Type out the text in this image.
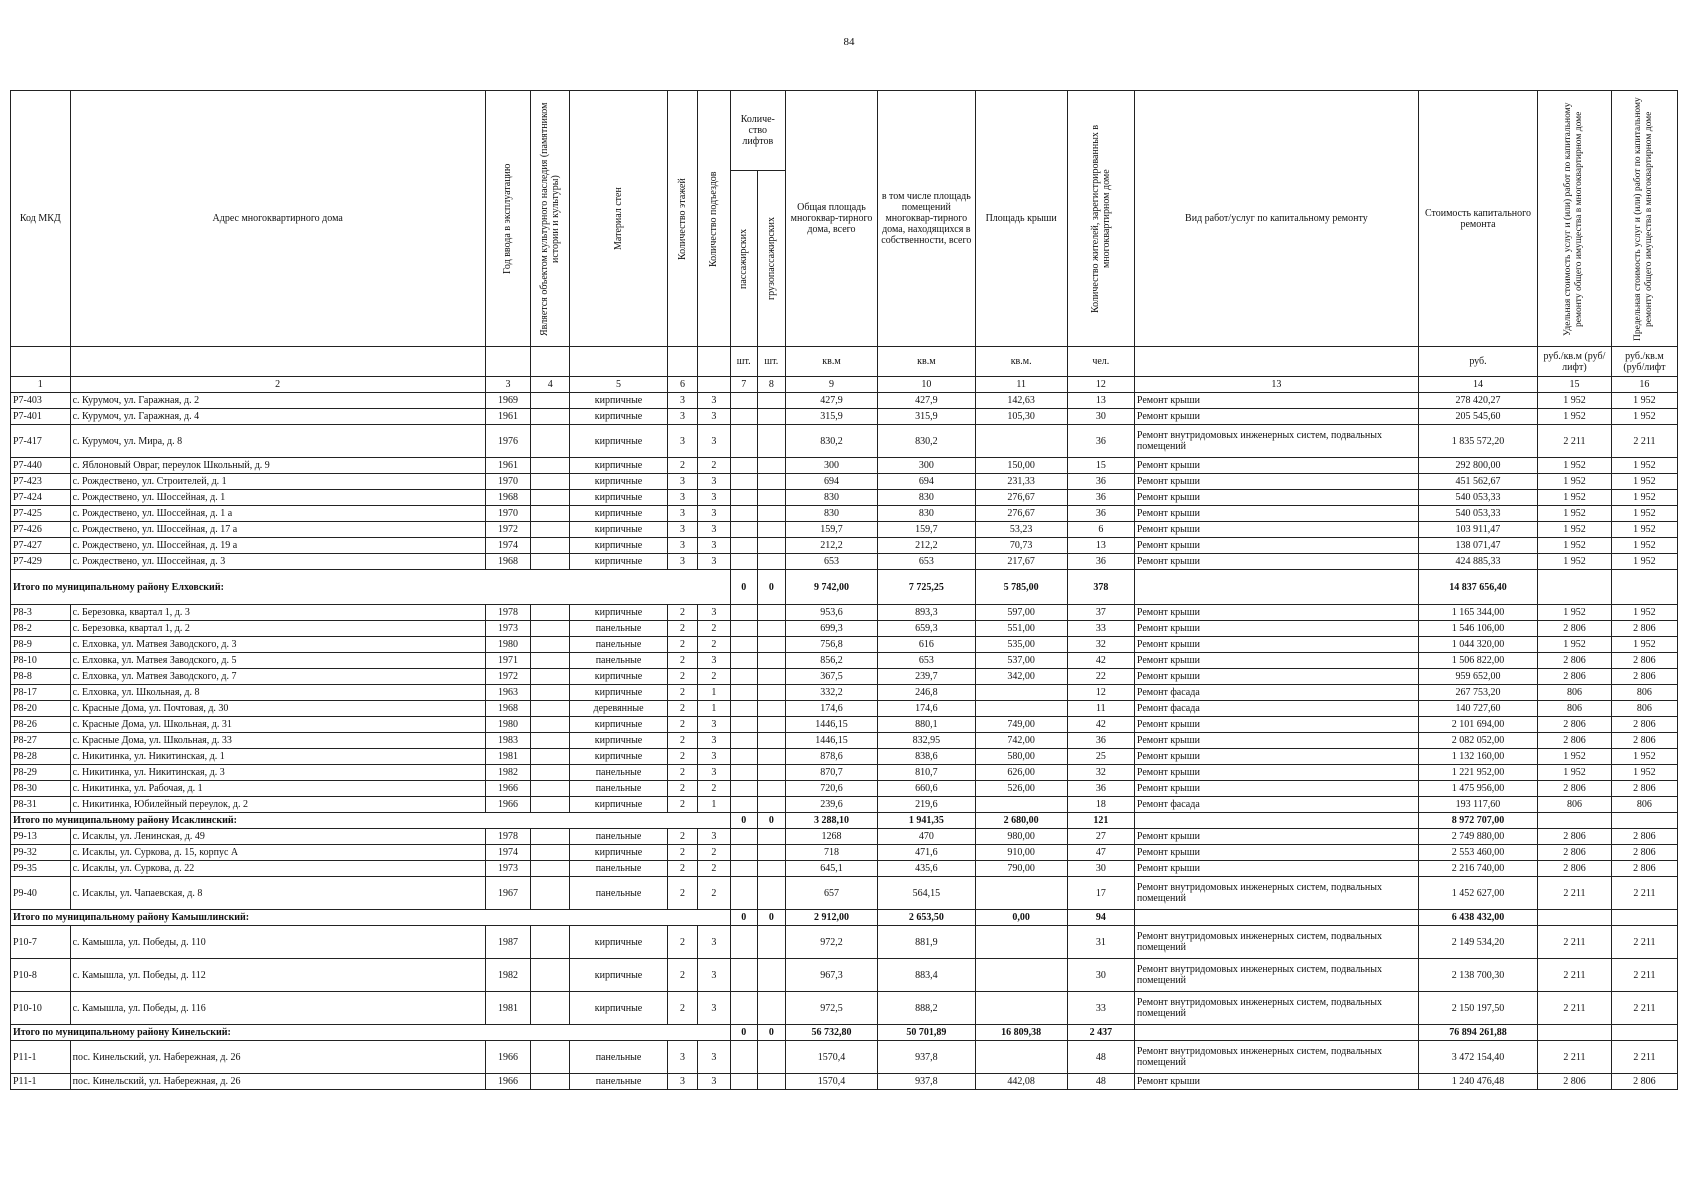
84
Код МКД	Адрес многоквартирного дома	Год ввода в эксплуатацию	Является объектом культурного наследия (памятником истории и культуры)	Материал стен	Количество этажей	Количество подъездов	Количе-ство лифтов		Общая площадь многоквар-тирного дома, всего	в том числе площадь помещений многоквар-тирного дома, находящихся в собственности, всего	Площадь крыши	Количество жителей, зарегистрированных в многоквартирном доме	Вид работ/услуг по капитальному ремонту	Стоимость капитального ремонта	Удельная стоимость услуг и (или) работ по капитальному ремонту общего имущества в многоквартирном доме	Предельная стоимость услуг и (или) работ по капитальному ремонту общего имущества в многоквартирном доме

							пассажирских	грузопассажирских								

							шт.	шт.	кв.м	кв.м	кв.м.	чел.		руб.	руб./кв.м (руб/лифт)	руб./кв.м (руб/лифт
1	2	3	4	5	6		7	8	9	10	11	12	13	14	15	16
Р7-403	с. Курумоч, ул. Гаражная, д. 2	1969		кирпичные	3	3			427,9	427,9	142,63	13	Ремонт крыши	278 420,27	1 952	1 952
Р7-401	с. Курумоч, ул. Гаражная, д. 4	1961		кирпичные	3	3			315,9	315,9	105,30	30	Ремонт крыши	205 545,60	1 952	1 952
Р7-417	с. Курумоч, ул. Мира, д. 8	1976		кирпичные	3	3			830,2	830,2		36	Ремонт внутридомовых инженерных систем, подвальных помещений	1 835 572,20	2 211	2 211
Р7-440	с. Яблоновый Овраг, переулок Школьный, д. 9	1961		кирпичные	2	2			300	300	150,00	15	Ремонт крыши	292 800,00	1 952	1 952
Р7-423	с. Рождествено, ул. Строителей, д. 1	1970		кирпичные	3	3			694	694	231,33	36	Ремонт крыши	451 562,67	1 952	1 952
Р7-424	с. Рождествено, ул. Шоссейная, д. 1	1968		кирпичные	3	3			830	830	276,67	36	Ремонт крыши	540 053,33	1 952	1 952
Р7-425	с. Рождествено, ул. Шоссейная, д. 1 а	1970		кирпичные	3	3			830	830	276,67	36	Ремонт крыши	540 053,33	1 952	1 952
Р7-426	с. Рождествено, ул. Шоссейная, д. 17 а	1972		кирпичные	3	3			159,7	159,7	53,23	6	Ремонт крыши	103 911,47	1 952	1 952
Р7-427	с. Рождествено, ул. Шоссейная, д. 19 а	1974		кирпичные	3	3			212,2	212,2	70,73	13	Ремонт крыши	138 071,47	1 952	1 952
Р7-429	с. Рождествено, ул. Шоссейная, д. 3	1968		кирпичные	3	3			653	653	217,67	36	Ремонт крыши	424 885,33	1 952	1 952
Итого по муниципальному району Елховский:							0	0	9 742,00	7 725,25	5 785,00	378		14 837 656,40		
Р8-3	с. Березовка, квартал 1, д. 3	1978		кирпичные	2	3			953,6	893,3	597,00	37	Ремонт крыши	1 165 344,00	1 952	1 952
Р8-2	с. Березовка, квартал 1, д. 2	1973		панельные	2	2			699,3	659,3	551,00	33	Ремонт крыши	1 546 106,00	2 806	2 806
Р8-9	с. Елховка, ул. Матвея Заводского, д. 3	1980		панельные	2	2			756,8	616	535,00	32	Ремонт крыши	1 044 320,00	1 952	1 952
Р8-10	с. Елховка, ул. Матвея Заводского, д. 5	1971		панельные	2	3			856,2	653	537,00	42	Ремонт крыши	1 506 822,00	2 806	2 806
Р8-8	с. Елховка, ул. Матвея Заводского, д. 7	1972		кирпичные	2	2			367,5	239,7	342,00	22	Ремонт крыши	959 652,00	2 806	2 806
Р8-17	с. Елховка, ул. Школьная, д. 8	1963		кирпичные	2	1			332,2	246,8		12	Ремонт фасада	267 753,20	806	806
Р8-20	с. Красные Дома, ул. Почтовая, д. 30	1968		деревянные	2	1			174,6	174,6		11	Ремонт фасада	140 727,60	806	806
Р8-26	с. Красные Дома, ул. Школьная, д. 31	1980		кирпичные	2	3			1446,15	880,1	749,00	42	Ремонт крыши	2 101 694,00	2 806	2 806
Р8-27	с. Красные Дома, ул. Школьная, д. 33	1983		кирпичные	2	3			1446,15	832,95	742,00	36	Ремонт крыши	2 082 052,00	2 806	2 806
Р8-28	с. Никитинка, ул. Никитинская, д. 1	1981		кирпичные	2	3			878,6	838,6	580,00	25	Ремонт крыши	1 132 160,00	1 952	1 952
Р8-29	с. Никитинка, ул. Никитинская, д. 3	1982		панельные	2	3			870,7	810,7	626,00	32	Ремонт крыши	1 221 952,00	1 952	1 952
Р8-30	с. Никитинка, ул. Рабочая, д. 1	1966		панельные	2	2			720,6	660,6	526,00	36	Ремонт крыши	1 475 956,00	2 806	2 806
Р8-31	с. Никитинка, Юбилейный переулок, д. 2	1966		кирпичные	2	1			239,6	219,6		18	Ремонт фасада	193 117,60	806	806
Итого по муниципальному району Исаклинский:							0	0	3 288,10	1 941,35	2 680,00	121		8 972 707,00		
Р9-13	с. Исаклы, ул. Ленинская, д. 49	1978		панельные	2	3			1268	470	980,00	27	Ремонт крыши	2 749 880,00	2 806	2 806
Р9-32	с. Исаклы, ул. Суркова, д. 15, корпус А	1974		кирпичные	2	2			718	471,6	910,00	47	Ремонт крыши	2 553 460,00	2 806	2 806
Р9-35	с. Исаклы, ул. Суркова, д. 22	1973		панельные	2	2			645,1	435,6	790,00	30	Ремонт крыши	2 216 740,00	2 806	2 806
Р9-40	с. Исаклы, ул. Чапаевская, д. 8	1967		панельные	2	2			657	564,15		17	Ремонт внутридомовых инженерных систем, подвальных помещений	1 452 627,00	2 211	2 211
Итого по муниципальному району Камышлинский:							0	0	2 912,00	2 653,50	0,00	94		6 438 432,00		
Р10-7	с. Камышла, ул. Победы, д. 110	1987		кирпичные	2	3			972,2	881,9		31	Ремонт внутридомовых инженерных систем, подвальных помещений	2 149 534,20	2 211	2 211
Р10-8	с. Камышла, ул. Победы, д. 112	1982		кирпичные	2	3			967,3	883,4		30	Ремонт внутридомовых инженерных систем, подвальных помещений	2 138 700,30	2 211	2 211
Р10-10	с. Камышла, ул. Победы, д. 116	1981		кирпичные	2	3			972,5	888,2		33	Ремонт внутридомовых инженерных систем, подвальных помещений	2 150 197,50	2 211	2 211
Итого по муниципальному району Кинельский:							0	0	56 732,80	50 701,89	16 809,38	2 437		76 894 261,88		
Р11-1	пос. Кинельский, ул. Набережная, д. 26	1966		панельные	3	3			1570,4	937,8		48	Ремонт внутридомовых инженерных систем, подвальных помещений	3 472 154,40	2 211	2 211
Р11-1	пос. Кинельский, ул. Набережная, д. 26	1966		панельные	3	3			1570,4	937,8	442,08	48	Ремонт крыши	1 240 476,48	2 806	2 806
